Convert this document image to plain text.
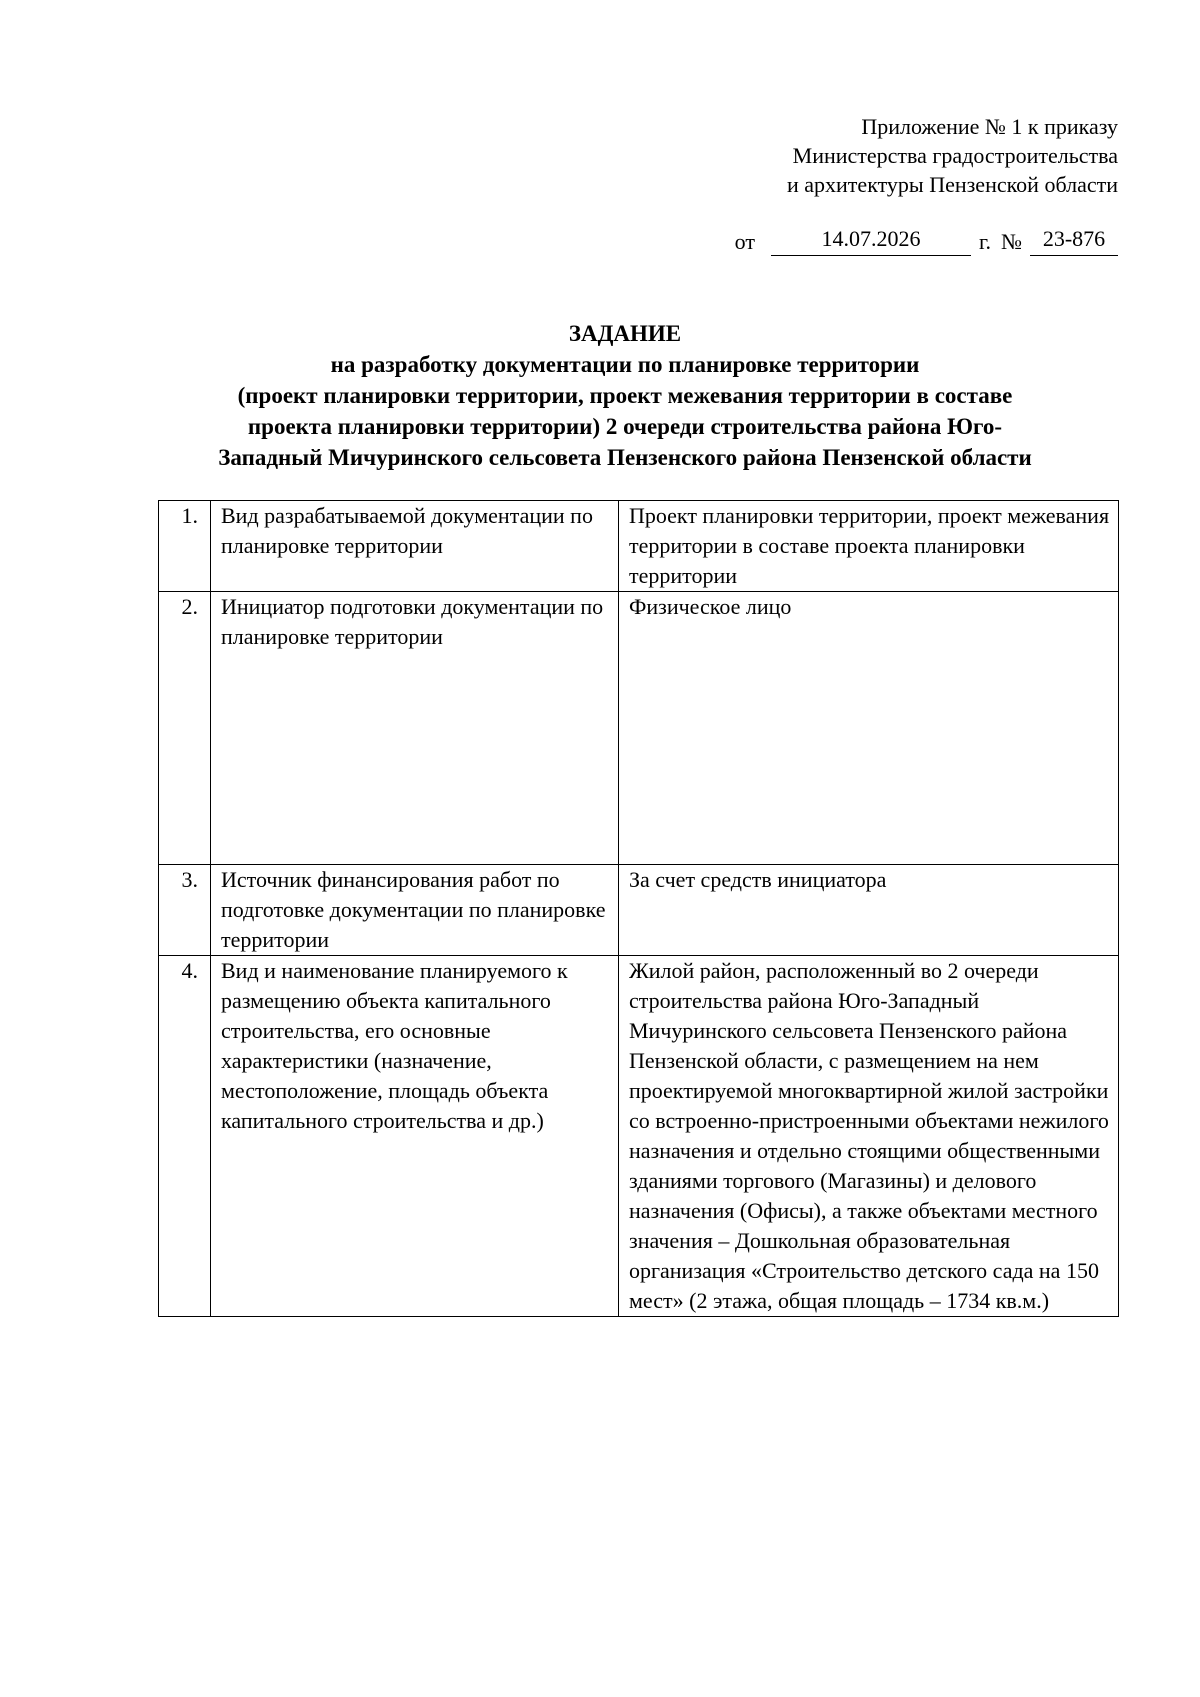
Приложение № 1 к приказу
Министерства градостроительства
и архитектуры Пензенской области
от	14.07.2026	г. № 23-876
ЗАДАНИЕ
на разработку документации по планировке территории
(проект планировки территории, проект межевания территории в составе
проекта планировки территории) 2 очереди строительства района Юго-
Западный Мичуринского сельсовета Пензенского района Пензенской области
1.	Вид разрабатываемой документации по планировке территории	Проект планировки территории, проект межевания территории в составе проекта планировки территории
2.	Инициатор подготовки документации по планировке территории	Физическое лицо
3.	Источник финансирования работ по подготовке документации по планировке территории	За счет средств инициатора
4.	Вид и наименование планируемого к размещению объекта капитального строительства, его основные характеристики (назначение, местоположение, площадь объекта капитального строительства и др.)	Жилой район, расположенный во 2 очереди строительства района Юго-Западный Мичуринского сельсовета Пензенского района Пензенской области, с размещением на нем проектируемой многоквартирной жилой застройки со встроенно-пристроенными объектами нежилого назначения и отдельно стоящими общественными зданиями торгового (Магазины) и делового назначения (Офисы), а также объектами местного значения – Дошкольная образовательная организация «Строительство детского сада на 150 мест» (2 этажа, общая площадь – 1734 кв.м.)
